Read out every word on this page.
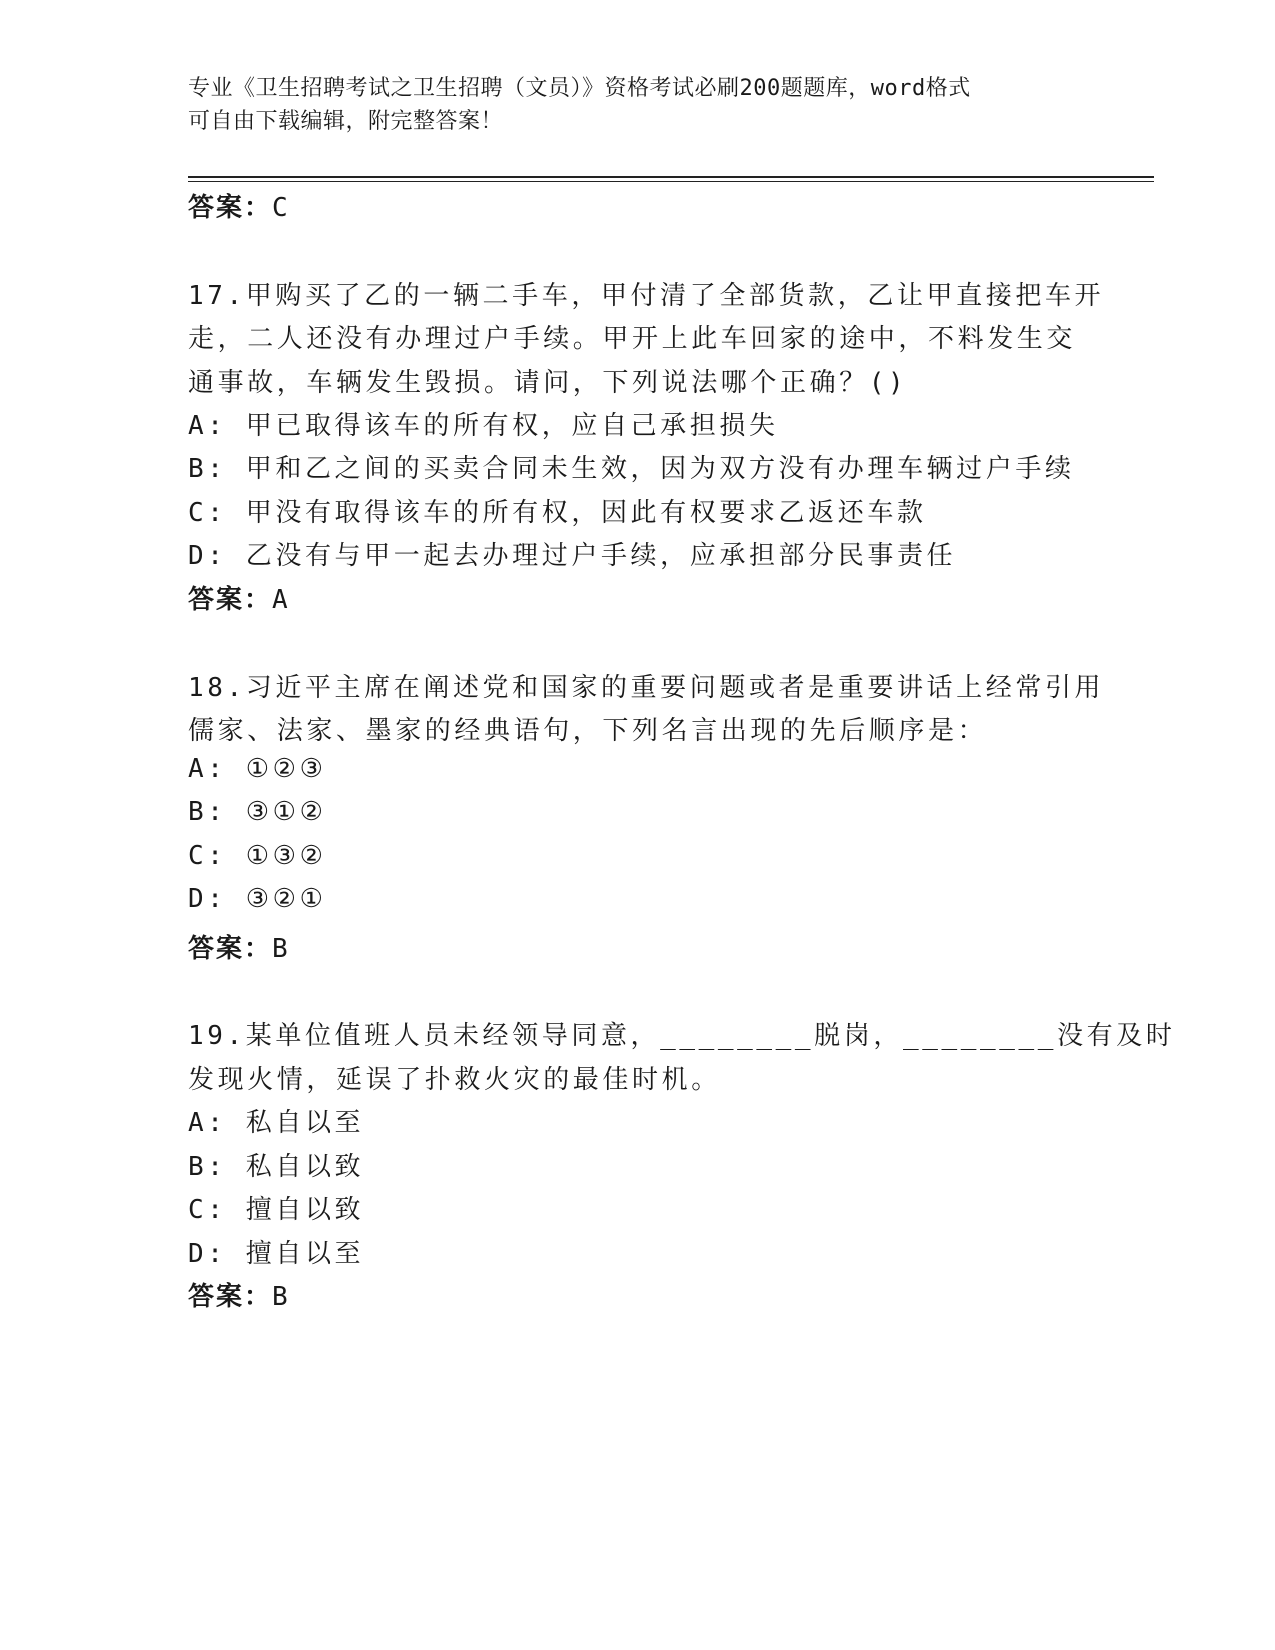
专业《卫生招聘考试之卫生招聘（文员）》资格考试必刷200题题库，word格式
可自由下载编辑，附完整答案！
答案：C
17.甲购买了乙的一辆二手车，甲付清了全部货款，乙让甲直接把车开
走，二人还没有办理过户手续。甲开上此车回家的途中，不料发生交
通事故，车辆发生毁损。请问，下列说法哪个正确？()
A: 甲已取得该车的所有权，应自己承担损失
B: 甲和乙之间的买卖合同未生效，因为双方没有办理车辆过户手续
C: 甲没有取得该车的所有权，因此有权要求乙返还车款
D: 乙没有与甲一起去办理过户手续，应承担部分民事责任
答案：A
18.习近平主席在阐述党和国家的重要问题或者是重要讲话上经常引用
儒家、法家、墨家的经典语句，下列名言出现的先后顺序是：
A: ①②③
B: ③①②
C: ①③②
D: ③②①
答案：B
19.某单位值班人员未经领导同意，________脱岗，________没有及时
发现火情，延误了扑救火灾的最佳时机。
A: 私自以至
B: 私自以致
C: 擅自以致
D: 擅自以至
答案：B
